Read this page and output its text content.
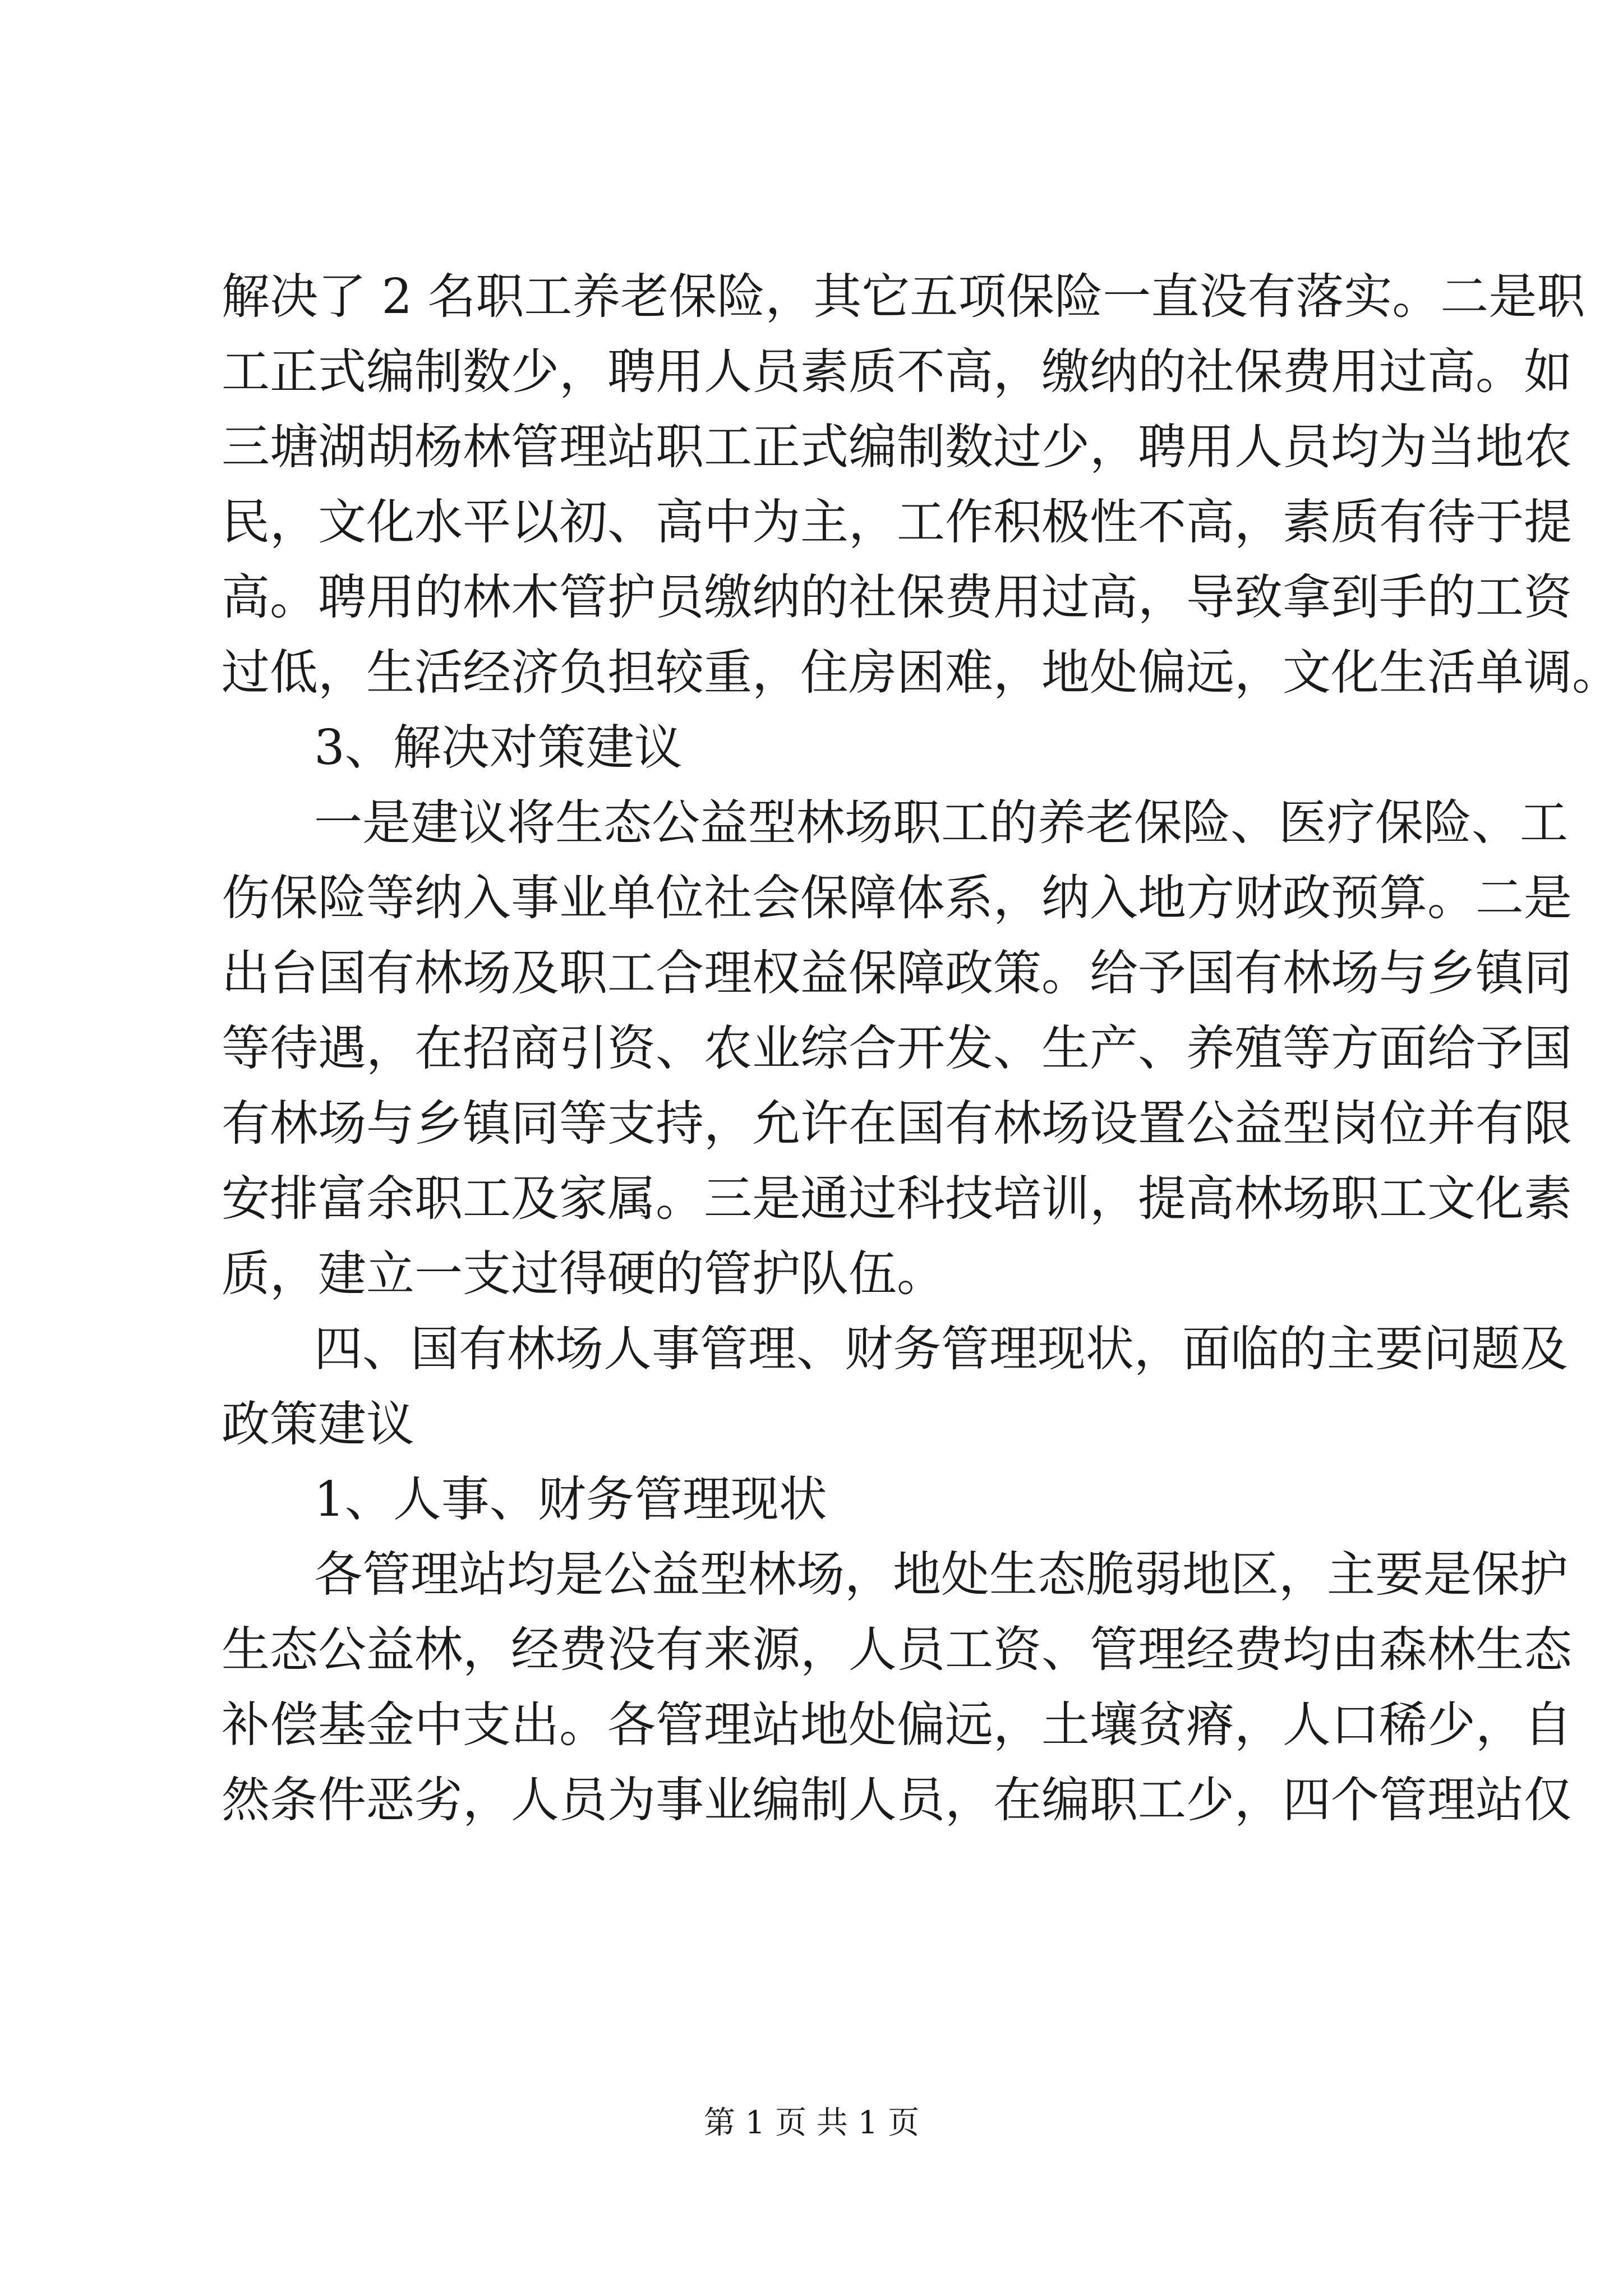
解决了 2 名职工养老保险，其它五项保险一直没有落实。二是职
工正式编制数少，聘用人员素质不高，缴纳的社保费用过高。如
三塘湖胡杨林管理站职工正式编制数过少，聘用人员均为当地农
民，文化水平以初、高中为主，工作积极性不高，素质有待于提
高。聘用的林木管护员缴纳的社保费用过高，导致拿到手的工资
过低，生活经济负担较重，住房困难，地处偏远，文化生活单调。
3、解决对策建议
一是建议将生态公益型林场职工的养老保险、医疗保险、工
伤保险等纳入事业单位社会保障体系，纳入地方财政预算。二是
出台国有林场及职工合理权益保障政策。给予国有林场与乡镇同
等待遇，在招商引资、农业综合开发、生产、养殖等方面给予国
有林场与乡镇同等支持，允许在国有林场设置公益型岗位并有限
安排富余职工及家属。三是通过科技培训，提高林场职工文化素
质，建立一支过得硬的管护队伍。
四、国有林场人事管理、财务管理现状，面临的主要问题及
政策建议
1、人事、财务管理现状
各管理站均是公益型林场，地处生态脆弱地区，主要是保护
生态公益林，经费没有来源，人员工资、管理经费均由森林生态
补偿基金中支出。各管理站地处偏远，土壤贫瘠，人口稀少，自
然条件恶劣，人员为事业编制人员，在编职工少，四个管理站仅
第 1 页 共 1 页
